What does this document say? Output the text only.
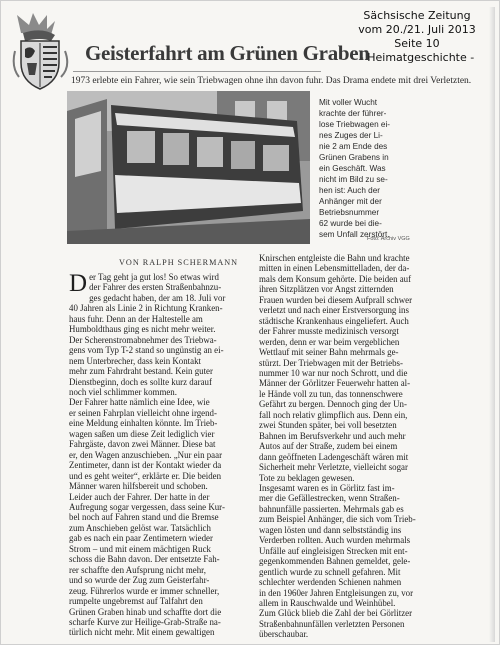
Sächsische Zeitung
vom 20./21. Juli 2013
Seite 10
- Heimatgeschichte -
Geisterfahrt am Grünen Graben
1973 erlebte ein Fahrer, wie sein Triebwagen ohne ihn davon fuhr. Das Drama endete mit drei Verletzten.
Mit voller Wucht
krachte der führer-
lose Triebwagen ei-
nes Zuges der Li-
nie 2 am Ende des
Grünen Grabens in
ein Geschäft. Was
nicht im Bild zu se-
hen ist: Auch der
Anhänger mit der
Betriebsnummer
62 wurde bei die-
sem Unfall zerstört.
Foto: Archiv VGG
VON RALPH SCHERMANN
D er Tag geht ja gut los! So etwas wird
der Fahrer des ersten Straßenbahnzu-
ges gedacht haben, der am 18. Juli vor
40 Jahren als Linie 2 in Richtung Kranken-
haus fuhr. Denn an der Haltestelle am
Humboldthaus ging es nicht mehr weiter.
Der Scherenstromabnehmer des Triebwa-
gens vom Typ T-2 stand so ungünstig an ei-
nem Unterbrecher, dass kein Kontakt
mehr zum Fahrdraht bestand. Kein guter
Dienstbeginn, doch es sollte kurz darauf
noch viel schlimmer kommen.
Der Fahrer hatte nämlich eine Idee, wie
er seinen Fahrplan vielleicht ohne irgend-
eine Meldung einhalten könnte. Im Trieb-
wagen saßen um diese Zeit lediglich vier
Fahrgäste, davon zwei Männer. Diese bat
er, den Wagen anzuschieben. „Nur ein paar
Zentimeter, dann ist der Kontakt wieder da
und es geht weiter“, erklärte er. Die beiden
Männer waren hilfsbereit und schoben.
Leider auch der Fahrer. Der hatte in der
Aufregung sogar vergessen, dass seine Kur-
bel noch auf Fahren stand und die Bremse
zum Anschieben gelöst war. Tatsächlich
gab es nach ein paar Zentimetern wieder
Strom – und mit einem mächtigen Ruck
schoss die Bahn davon. Der entsetzte Fah-
rer schaffte den Aufsprung nicht mehr,
und so wurde der Zug zum Geisterfahr-
zeug. Führerlos wurde er immer schneller,
rumpelte ungebremst auf Talfahrt den
Grünen Graben hinab und schaffte dort die
scharfe Kurve zur Heilige-Grab-Straße na-
türlich nicht mehr. Mit einem gewaltigen
Knirschen entgleiste die Bahn und krachte
mitten in einen Lebensmittelladen, der da-
mals dem Konsum gehörte. Die beiden auf
ihren Sitzplätzen vor Angst zitternden
Frauen wurden bei diesem Aufprall schwer
verletzt und nach einer Erstversorgung ins
städtische Krankenhaus eingeliefert. Auch
der Fahrer musste medizinisch versorgt
werden, denn er war beim vergeblichen
Wettlauf mit seiner Bahn mehrmals ge-
stürzt. Der Triebwagen mit der Betriebs-
nummer 10 war nur noch Schrott, und die
Männer der Görlitzer Feuerwehr hatten al-
le Hände voll zu tun, das tonnenschwere
Gefährt zu bergen. Dennoch ging der Un-
fall noch relativ glimpflich aus. Denn ein,
zwei Stunden später, bei voll besetzten
Bahnen im Berufsverkehr und auch mehr
Autos auf der Straße, zudem bei einem
dann geöffneten Ladengeschäft wären mit
Sicherheit mehr Verletzte, vielleicht sogar
Tote zu beklagen gewesen.
Insgesamt waren es in Görlitz fast im-
mer die Gefällestrecken, wenn Straßen-
bahnunfälle passierten. Mehrmals gab es
zum Beispiel Anhänger, die sich vom Trieb-
wagen lösten und dann selbstständig ins
Verderben rollten. Auch wurden mehrmals
Unfälle auf eingleisigen Strecken mit ent-
gegenkommenden Bahnen gemeldet, gele-
gentlich wurde zu schnell gefahren. Mit
schlechter werdenden Schienen nahmen
in den 1960er Jahren Entgleisungen zu, vor
allem in Rauschwalde und Weinhübel.
Zum Glück blieb die Zahl der bei Görlitzer
Straßenbahnunfällen verletzten Personen
überschaubar.
